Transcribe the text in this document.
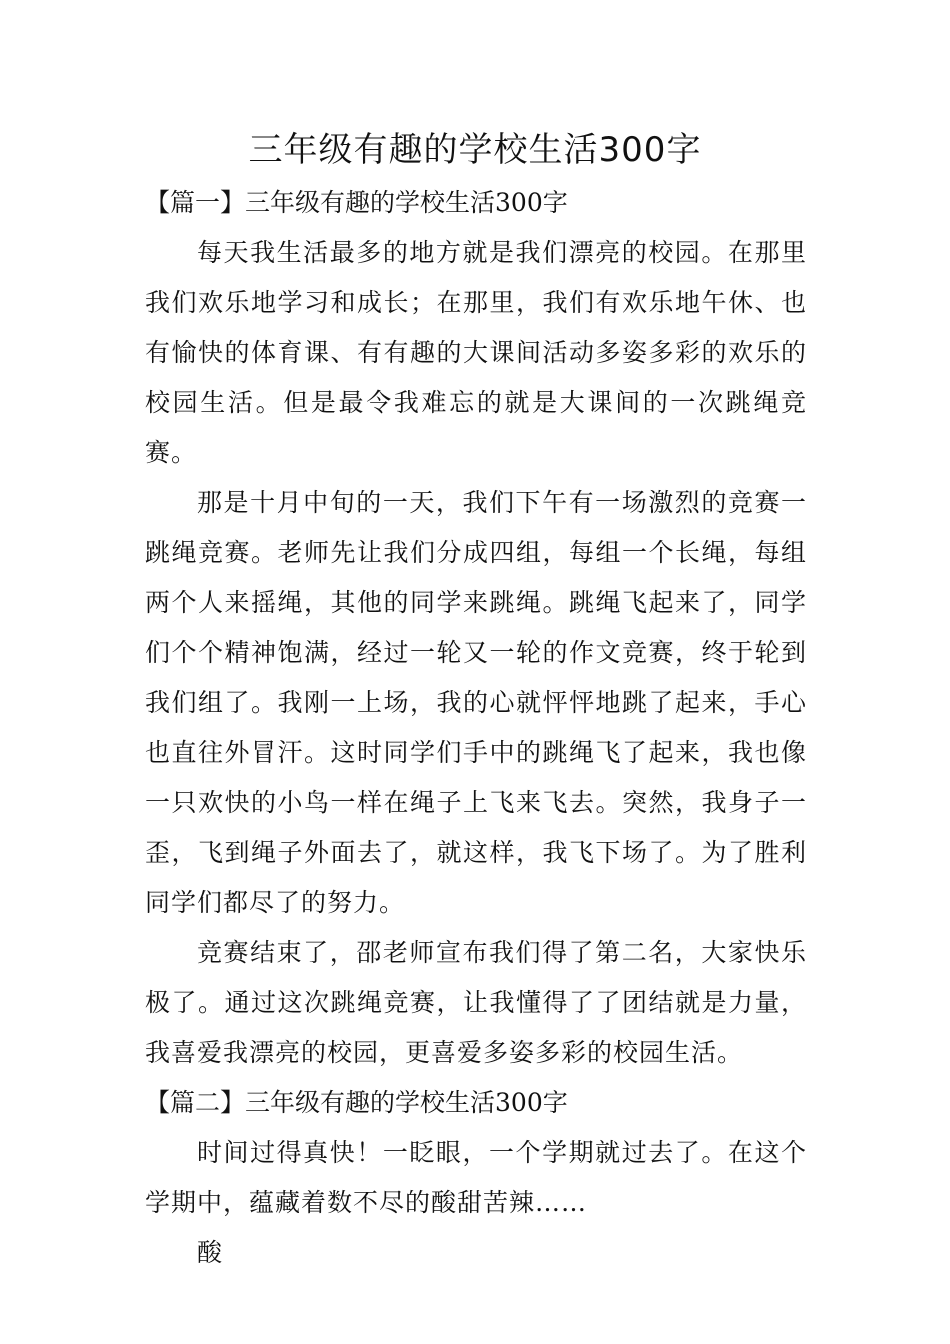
三年级有趣的学校生活300字
【篇一】三年级有趣的学校生活300字

每天我生活最多的地方就是我们漂亮的校园。在那里我们欢乐地学习和成长；在那里，我们有欢乐地午休、也有愉快的体育课、有有趣的大课间活动多姿多彩的欢乐的校园生活。但是最令我难忘的就是大课间的一次跳绳竞赛。

那是十月中旬的一天，我们下午有一场激烈的竞赛一跳绳竞赛。老师先让我们分成四组，每组一个长绳，每组两个人来摇绳，其他的同学来跳绳。跳绳飞起来了，同学们个个精神饱满，经过一轮又一轮的作文竞赛，终于轮到我们组了。我刚一上场，我的心就怦怦地跳了起来，手心也直往外冒汗。这时同学们手中的跳绳飞了起来，我也像一只欢快的小鸟一样在绳子上飞来飞去。突然，我身子一歪，飞到绳子外面去了，就这样，我飞下场了。为了胜利同学们都尽了的努力。

竞赛结束了，邵老师宣布我们得了第二名，大家快乐极了。通过这次跳绳竞赛，让我懂得了了团结就是力量，我喜爱我漂亮的校园，更喜爱多姿多彩的校园生活。

【篇二】三年级有趣的学校生活300字

时间过得真快！一眨眼，一个学期就过去了。在这个学期中，蕴藏着数不尽的酸甜苦辣……

酸
